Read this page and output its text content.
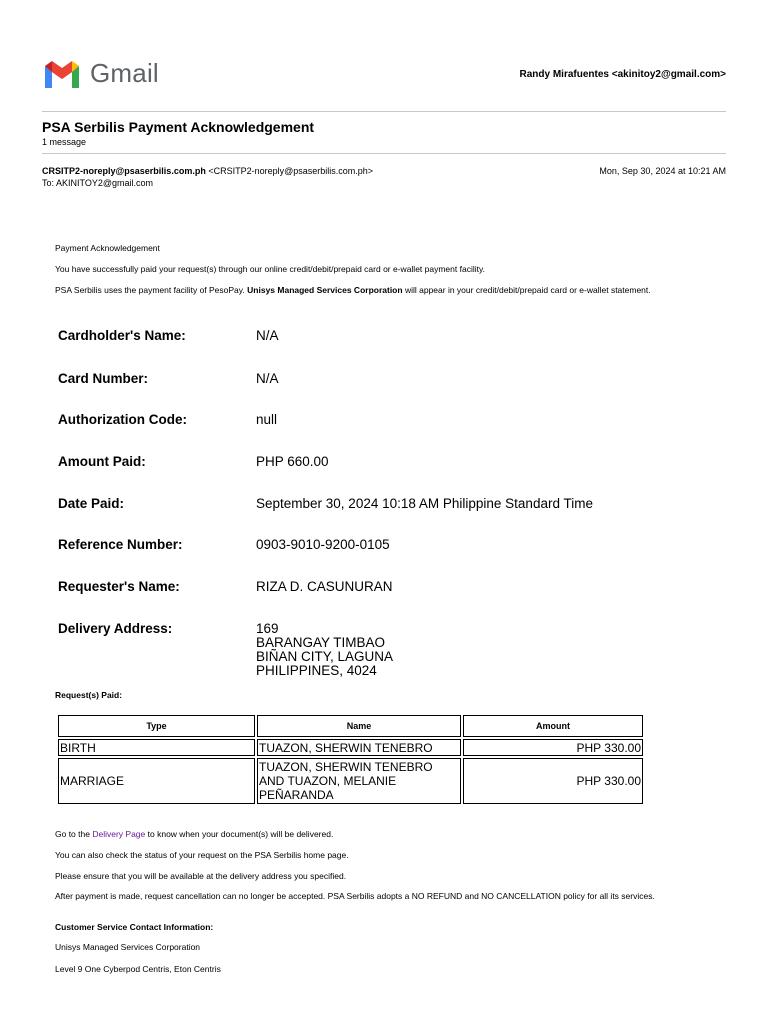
Gmail	Randy Mirafuentes <akinitoy2@gmail.com>
PSA Serbilis Payment Acknowledgement
1 message
CRSITP2-noreply@psaserbilis.com.ph <CRSITP2-noreply@psaserbilis.com.ph>
To: AKINITOY2@gmail.com
Mon, Sep 30, 2024 at 10:21 AM
Payment Acknowledgement
You have successfully paid your request(s) through our online credit/debit/prepaid card or e-wallet payment facility.
PSA Serbilis uses the payment facility of PesoPay. Unisys Managed Services Corporation will appear in your credit/debit/prepaid card or e-wallet statement.
Cardholder's Name:	N/A
Card Number:	N/A
Authorization Code:	null
Amount Paid:	PHP 660.00
Date Paid:	September 30, 2024 10:18 AM Philippine Standard Time
Reference Number:	0903-9010-9200-0105
Requester's Name:	RIZA D. CASUNURAN
Delivery Address:	169
BARANGAY TIMBAO
BIÑAN CITY, LAGUNA
PHILIPPINES, 4024
Request(s) Paid:
Type	Name	Amount
BIRTH	TUAZON, SHERWIN TENEBRO	PHP 330.00
MARRIAGE	TUAZON, SHERWIN TENEBRO AND TUAZON, MELANIE PEÑARANDA	PHP 330.00
Go to the Delivery Page to know when your document(s) will be delivered.
You can also check the status of your request on the PSA Serbilis home page.
Please ensure that you will be available at the delivery address you specified.
After payment is made, request cancellation can no longer be accepted. PSA Serbilis adopts a NO REFUND and NO CANCELLATION policy for all its services.
Customer Service Contact Information:
Unisys Managed Services Corporation
Level 9 One Cyberpod Centris, Eton Centris
